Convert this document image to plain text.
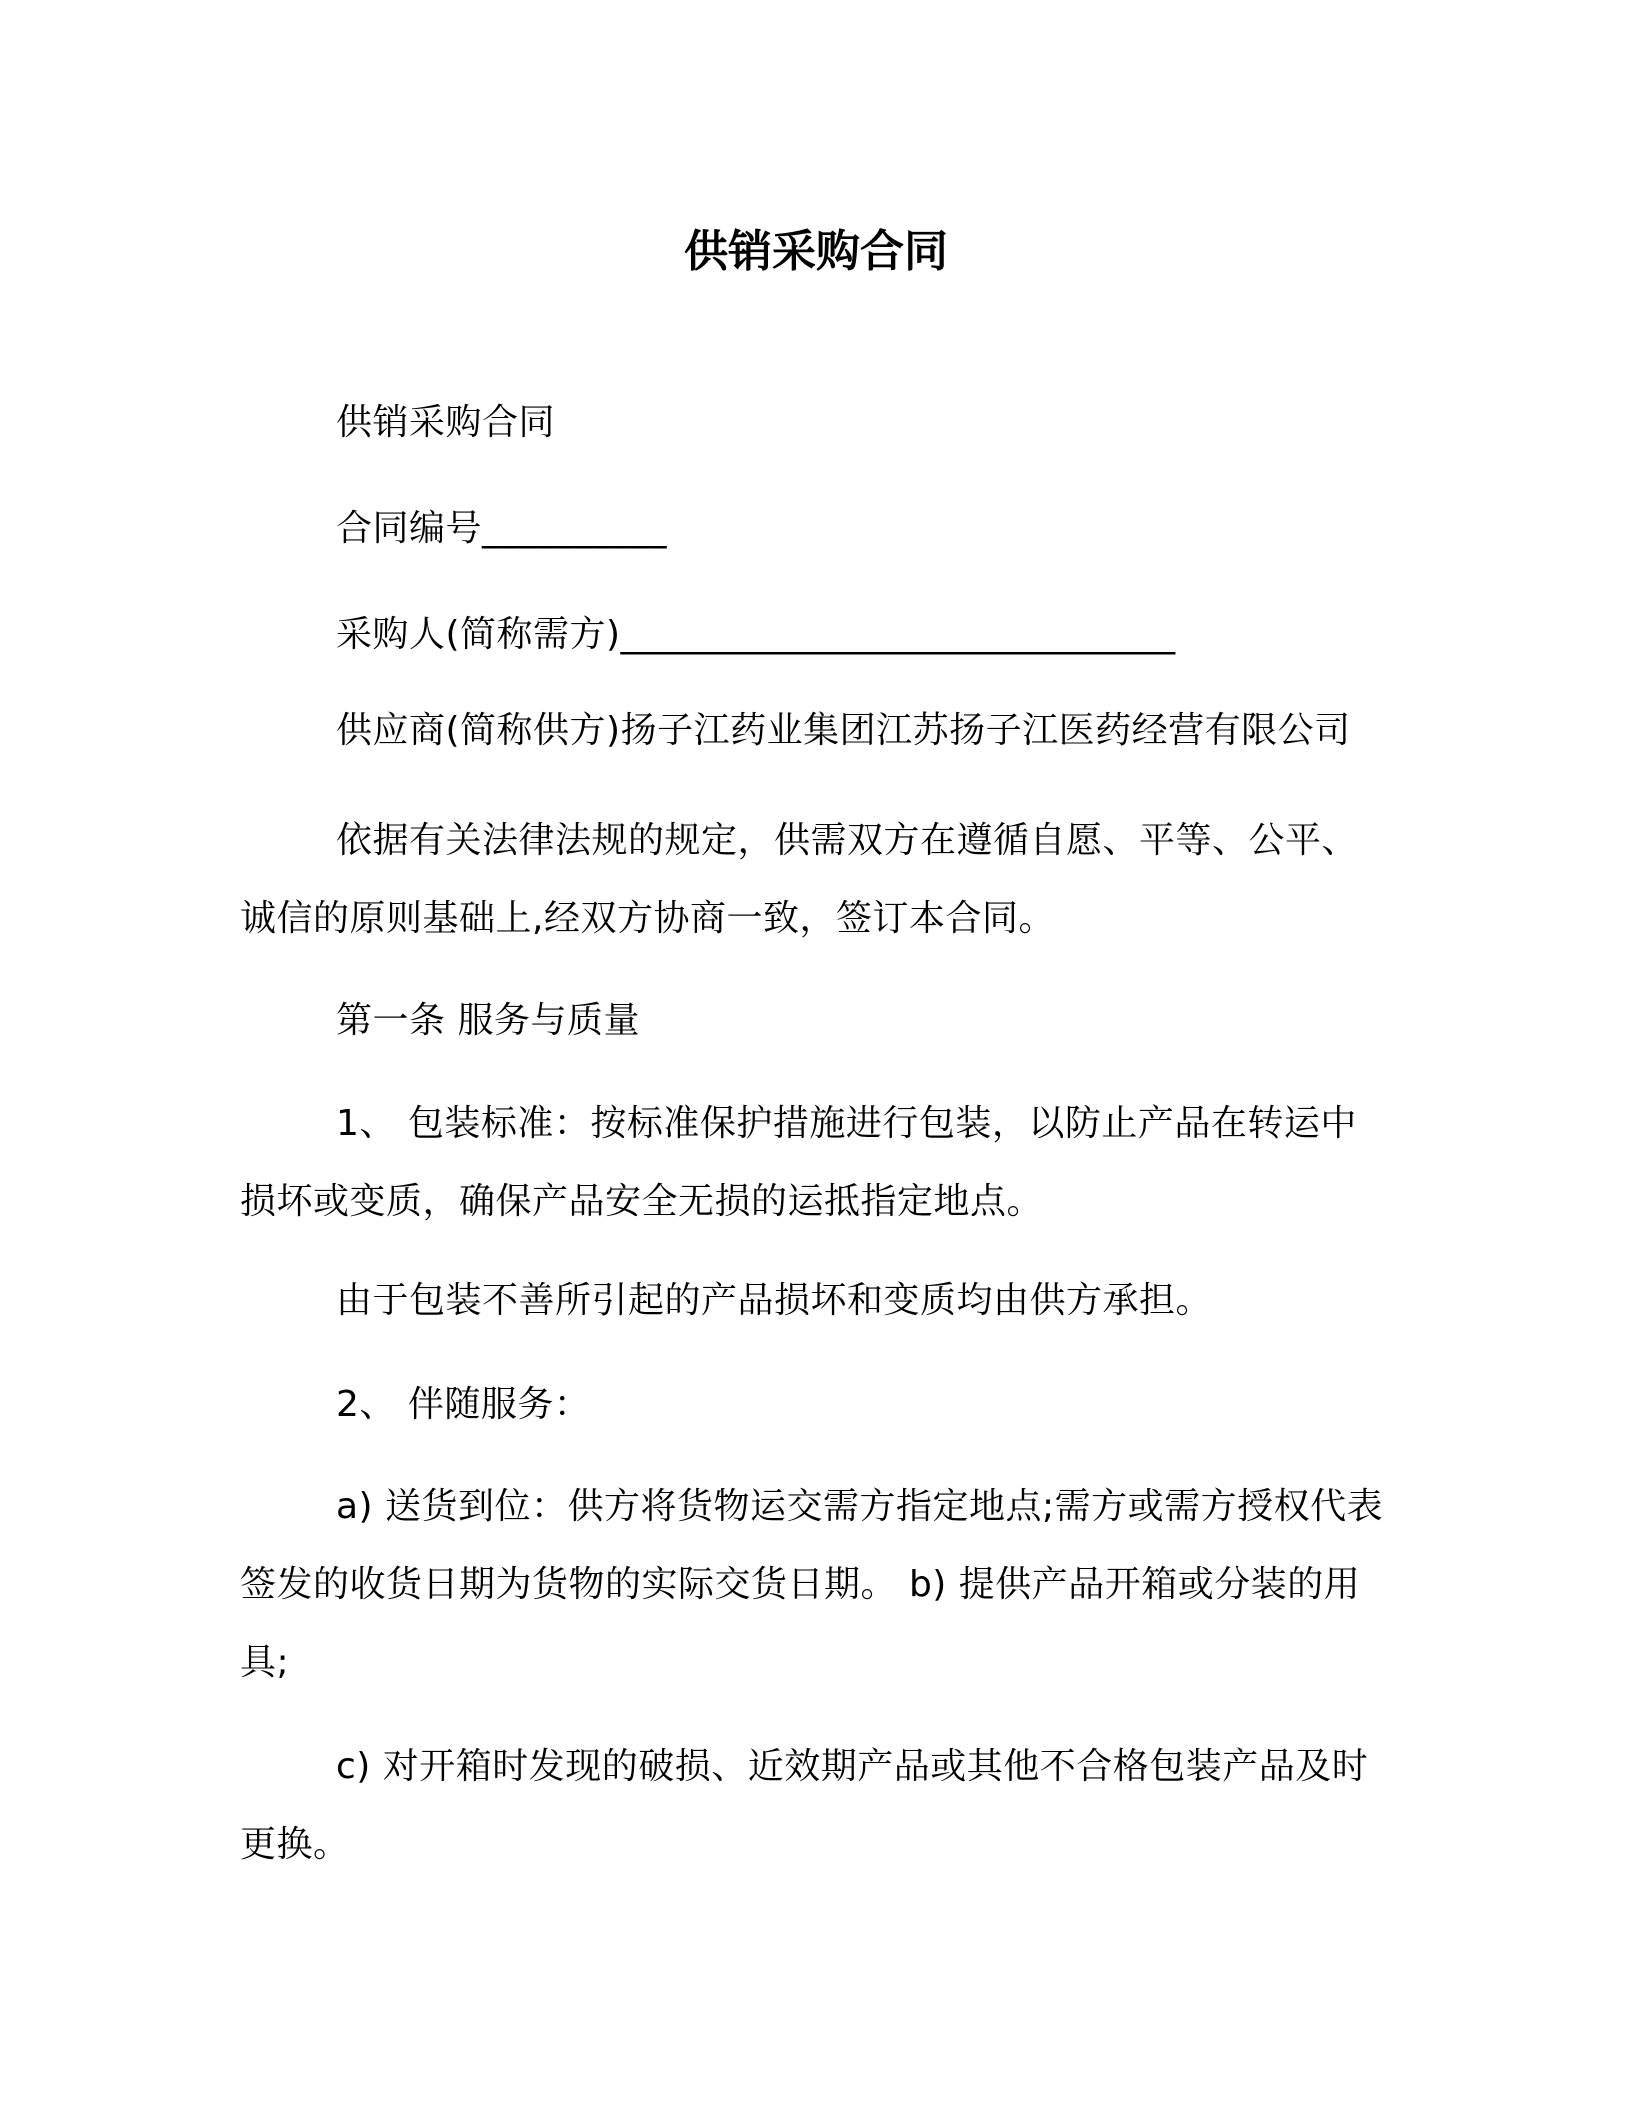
供销采购合同

供销采购合同

合同编号__________

采购人(简称需方)______________________________

供应商(简称供方)扬子江药业集团江苏扬子江医药经营有限公司

依据有关法律法规的规定，供需双方在遵循自愿、平等、公平、诚信的原则基础上,经双方协商一致，签订本合同。

第一条 服务与质量

1、 包装标准：按标准保护措施进行包装，以防止产品在转运中损坏或变质，确保产品安全无损的运抵指定地点。

由于包装不善所引起的产品损坏和变质均由供方承担。

2、 伴随服务：

a) 送货到位：供方将货物运交需方指定地点;需方或需方授权代表签发的收货日期为货物的实际交货日期。 b) 提供产品开箱或分装的用具;

c) 对开箱时发现的破损、近效期产品或其他不合格包装产品及时更换。
